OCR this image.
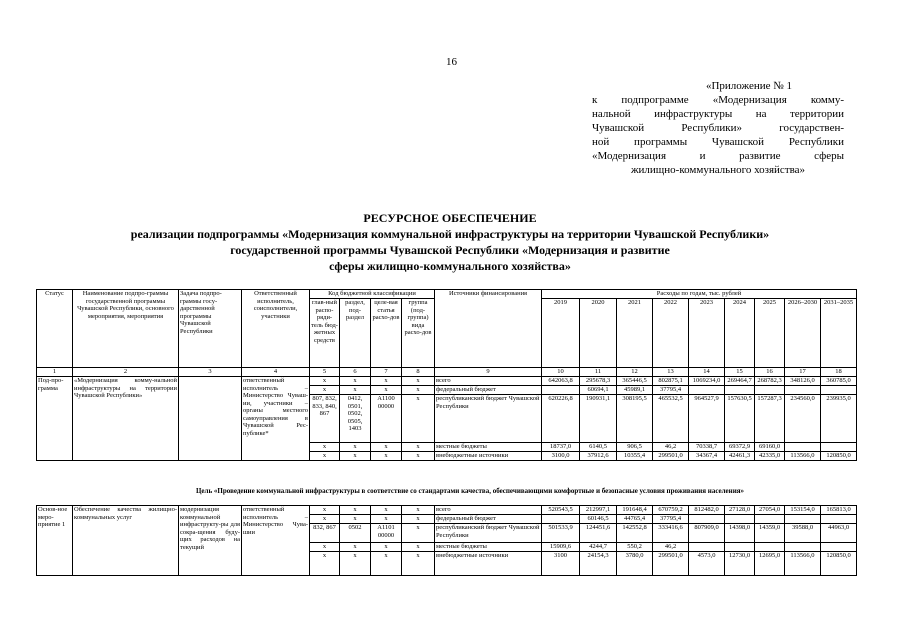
16
«Приложение № 1
к подпрограмме «Модернизация комму-
нальной инфраструктуры на территории
Чувашской Республики» государствен-
ной программы Чувашской Республики
«Модернизация и развитие сферы
жилищно-коммунального хозяйства»
РЕСУРСНОЕ ОБЕСПЕЧЕНИЕ
реализации подпрограммы «Модернизация коммунальной инфраструктуры на территории Чувашской Республики»
государственной программы Чувашской Республики «Модернизация и развитие
сферы жилищно-коммунального хозяйства»
Статус	Наименование подпро-граммы государственной программы Чувашской Республики, основного мероприятия, мероприятия	Задача подпро-граммы госу-дарственной программы Чувашской Республики	Ответственный исполнитель, соисполнители, участники	Код бюджетной классификации				Источники финансирования	Расходы по годам, тыс. рублей								
				глав-ный распо-ряди-тель бюд-жетных средств	раздел, под-раздел	целе-вая статья расхо-дов	группа (под-группа) вида расхо-дов		2019	2020	2021	2022	2023	2024	2025	2026–2030	2031–2035
1	2	3	4	5	6	7	8	9	10	11	12	13	14	15	16	17	18
Под-про-грамма	«Модернизация комму-нальной инфраструктуры на территории Чувашской Республики»		ответственный исполнитель – Министерство Чуваш-ии, участники – органы местного самоуправления в Чувашской Рес-публике*	x	x	x	x	всего	642063,8	295678,3	365446,5	802875,1	1069234,0	269464,7	268782,3	348126,0	360785,0
				x	x	x	x	федеральный бюджет		60694,1	45989,1	37795,4					
				807, 832, 833, 840, 867	0412, 0501, 0502, 0505, 1403	A1100 00000	x	республиканский бюджет Чувашской Республики	620226,8	190931,1	308195,5	465532,5	964527,9	157630,5	157287,3	234560,0	239935,0
				x	x	x	x	местные бюджеты	18737,0	6140,5	906,5	46,2	70338,7	69372,9	69160,0		
				x	x	x	x	внебюджетные источники	3100,0	37912,6	10355,4	299501,0	34367,4	42461,3	42335,0	113566,0	120850,0
Цель «Проведение коммунальной инфраструктуры в соответствие со стандартами качества, обеспечивающими комфортные и безопасные условия проживания населения»
Основ-ное меро-приятие 1	Обеспечение качества жилищно-коммунальных услуг	модернизация коммунальной инфраструкту-ры для сокра-щения буду-щих расходов на текущий	ответственный исполнитель – Министерство Чува-шии	x	x	x	x	всего	520543,5	212997,1	191648,4	670759,2	812482,0	27128,0	27054,0	153154,0	165813,0
				x	x	x	x	федеральный бюджет		60146,5	44765,4	37795,4					
				832, 867	0502	A1101 00000	x	республиканский бюджет Чувашской Республики	501533,9	124451,6	142552,8	333416,6	807909,0	14398,0	14359,0	39588,0	44963,0
				x	x	x	x	местные бюджеты	15909,6	4244,7	550,2	46,2					
				x	x	x	x	внебюджетные источники	3100	24154,3	3780,0	299501,0	4573,0	12730,0	12695,0	113566,0	120850,0
